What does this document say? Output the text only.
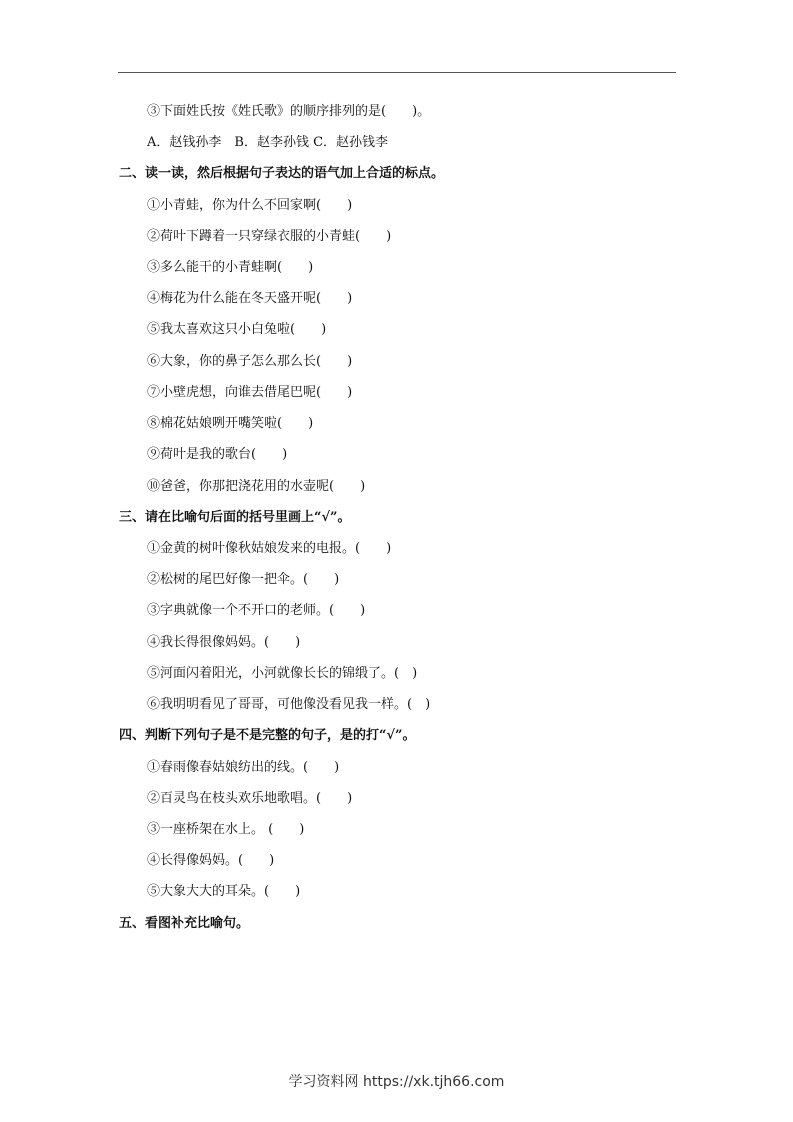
③下面姓氏按《姓氏歌》的顺序排列的是(　　)。
A．赵钱孙李　B．赵李孙钱 C．赵孙钱李
二、读一读，然后根据句子表达的语气加上合适的标点。
①小青蛙，你为什么不回家啊(　　)
②荷叶下蹲着一只穿绿衣服的小青蛙(　　)
③多么能干的小青蛙啊(　　)
④梅花为什么能在冬天盛开呢(　　)
⑤我太喜欢这只小白兔啦(　　)
⑥大象，你的鼻子怎么那么长(　　)
⑦小壁虎想，向谁去借尾巴呢(　　)
⑧棉花姑娘咧开嘴笑啦(　　)
⑨荷叶是我的歌台(　　)
⑩爸爸，你那把浇花用的水壶呢(　　)
三、请在比喻句后面的括号里画上“√”。
①金黄的树叶像秋姑娘发来的电报。(　　)
②松树的尾巴好像一把伞。(　　)
③字典就像一个不开口的老师。(　　)
④我长得很像妈妈。(　　)
⑤河面闪着阳光，小河就像长长的锦缎了。(　)
⑥我明明看见了哥哥，可他像没看见我一样。(　)
四、判断下列句子是不是完整的句子，是的打“√”。
①春雨像春姑娘纺出的线。(　　)
②百灵鸟在枝头欢乐地歌唱。(　　)
③一座桥架在水上。 (　　)
④长得像妈妈。(　　)
⑤大象大大的耳朵。(　　)
五、看图补充比喻句。
学习资料网 https://xk.tjh66.com
